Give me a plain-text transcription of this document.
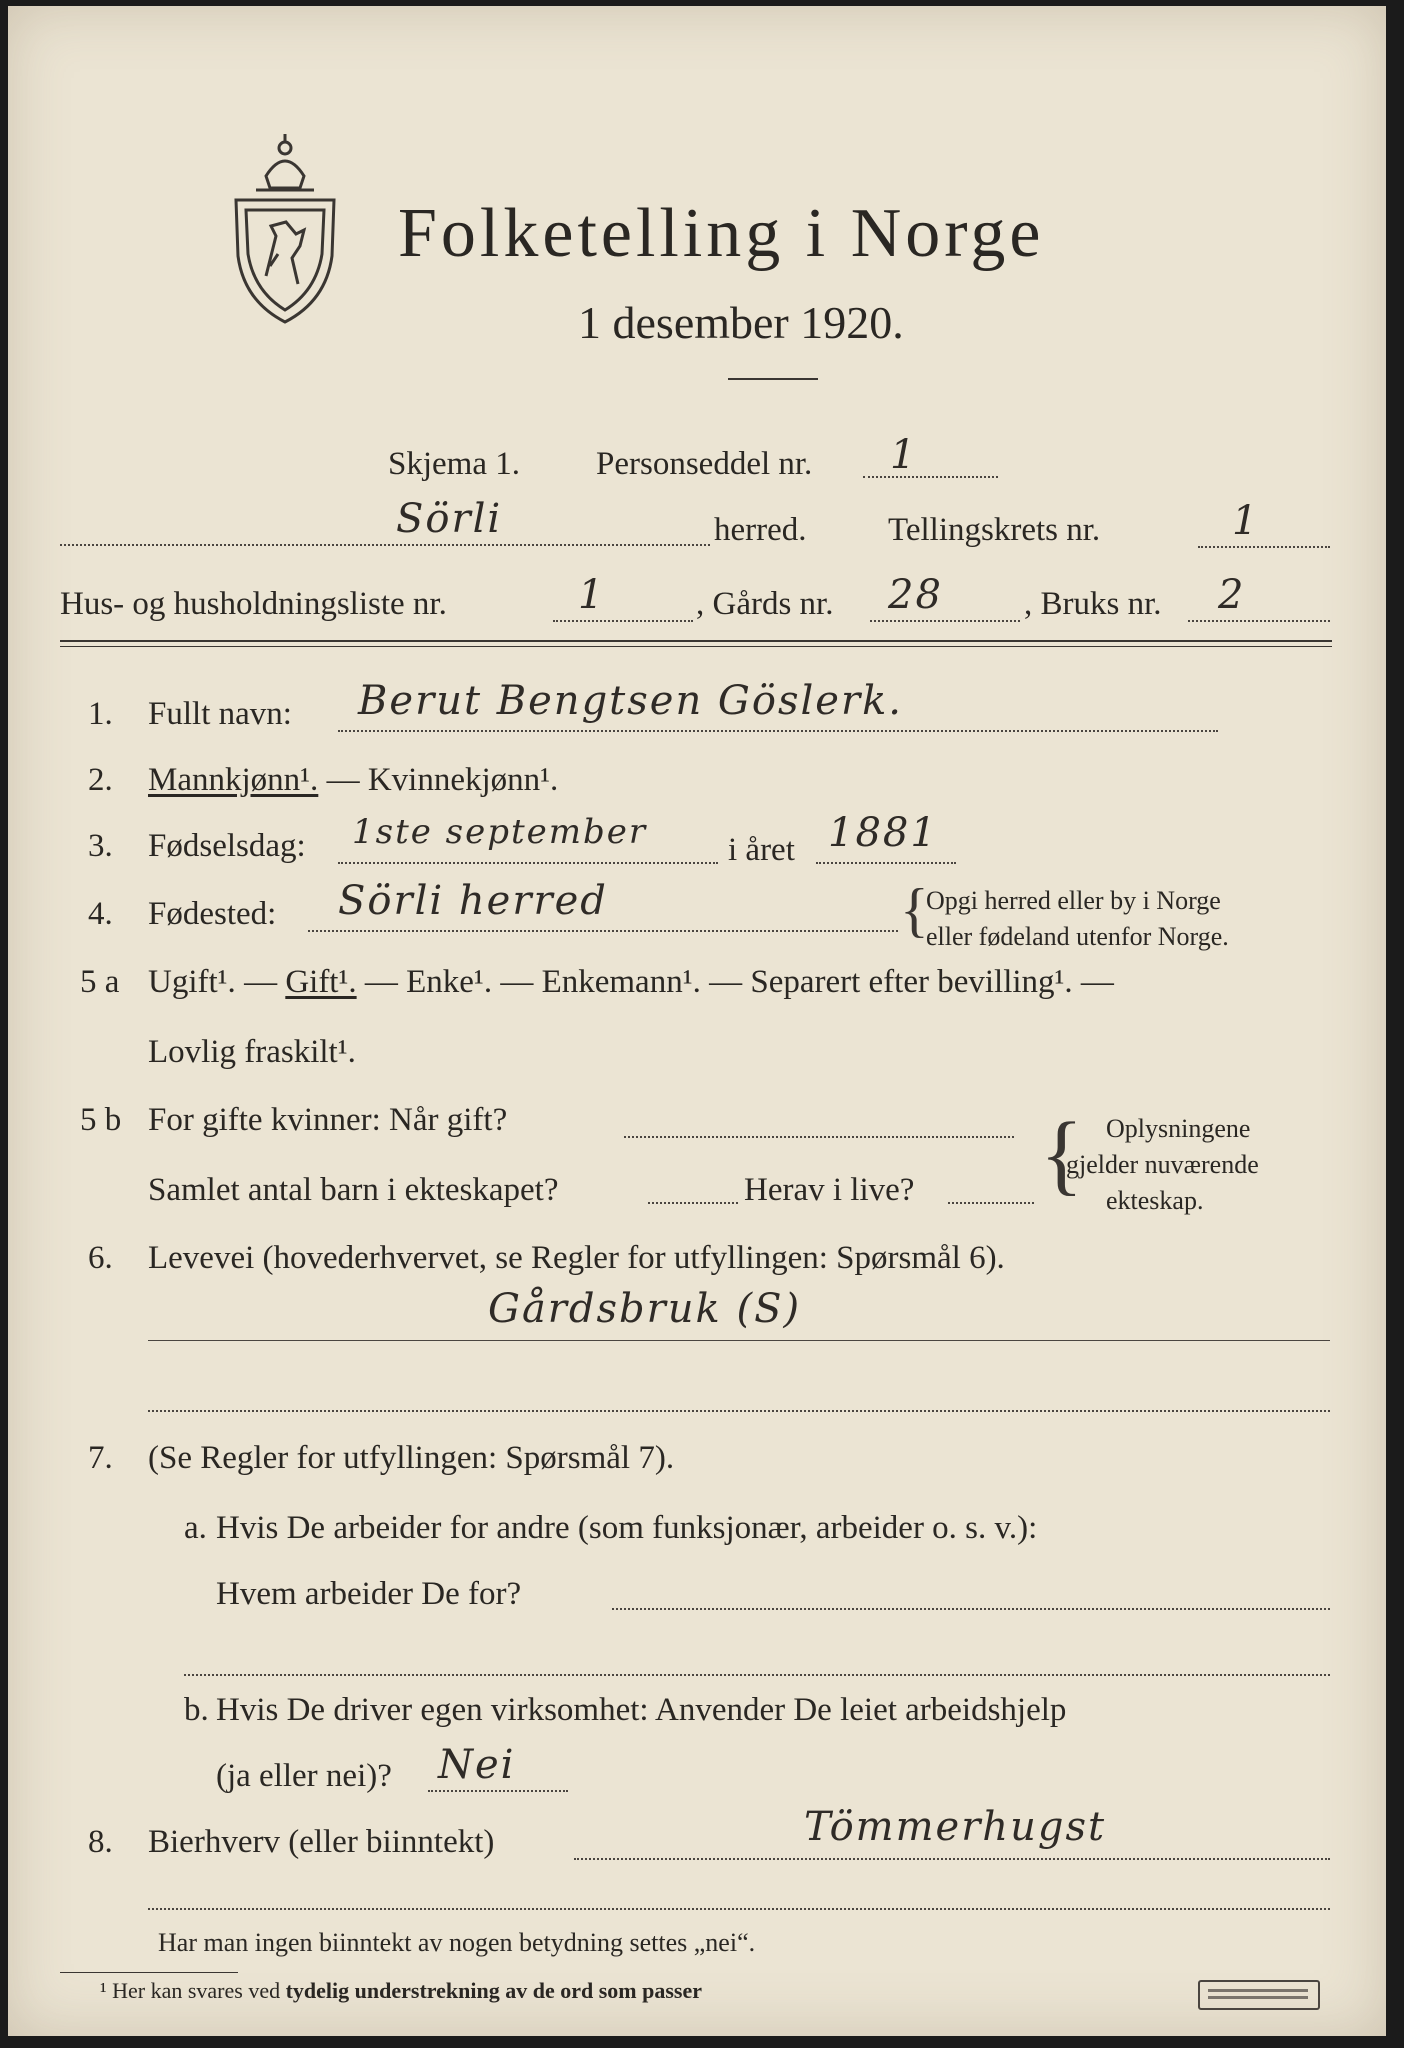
Folketelling i Norge
1 desember 1920.
Skjema 1. Personseddel nr. 1
Sörli	herred. Tellingskrets nr.	1
Hus- og husholdningsliste nr.	1	, Gårds nr. 28 , Bruks nr. 2
1. Fullt navn: Berut Bengtsen Göslerk.
2. Mannkjønn¹. — Kvinnekjønn¹.
3. Fødselsdag: 1ste september i året 1881
4. Fødested: Sörli herred	{
Opgi herred eller by i Norge
eller fødeland utenfor Norge.
5 a Ugift¹. — Gift¹. — Enke¹. — Enkemann¹. — Separert efter bevilling¹. —
Lovlig fraskilt¹.
5 b For gifte kvinner: Når gift?
Samlet antal barn i ekteskapet?	Herav i live? { Oplysningene
gjelder nuværende
ekteskap.
6. Levevei (hovederhvervet, se Regler for utfyllingen: Spørsmål 6).
Gårdsbruk (S)
7. (Se Regler for utfyllingen: Spørsmål 7).
a. Hvis De arbeider for andre (som funksjonær, arbeider o. s. v.):
Hvem arbeider De for?
b. Hvis De driver egen virksomhet: Anvender De leiet arbeidshjelp
(ja eller nei)? Nei
8. Bierhverv (eller biinntekt)	Tömmerhugst
Har man ingen biinntekt av nogen betydning settes „nei“.
¹ Her kan svares ved tydelig understrekning av de ord som passer
